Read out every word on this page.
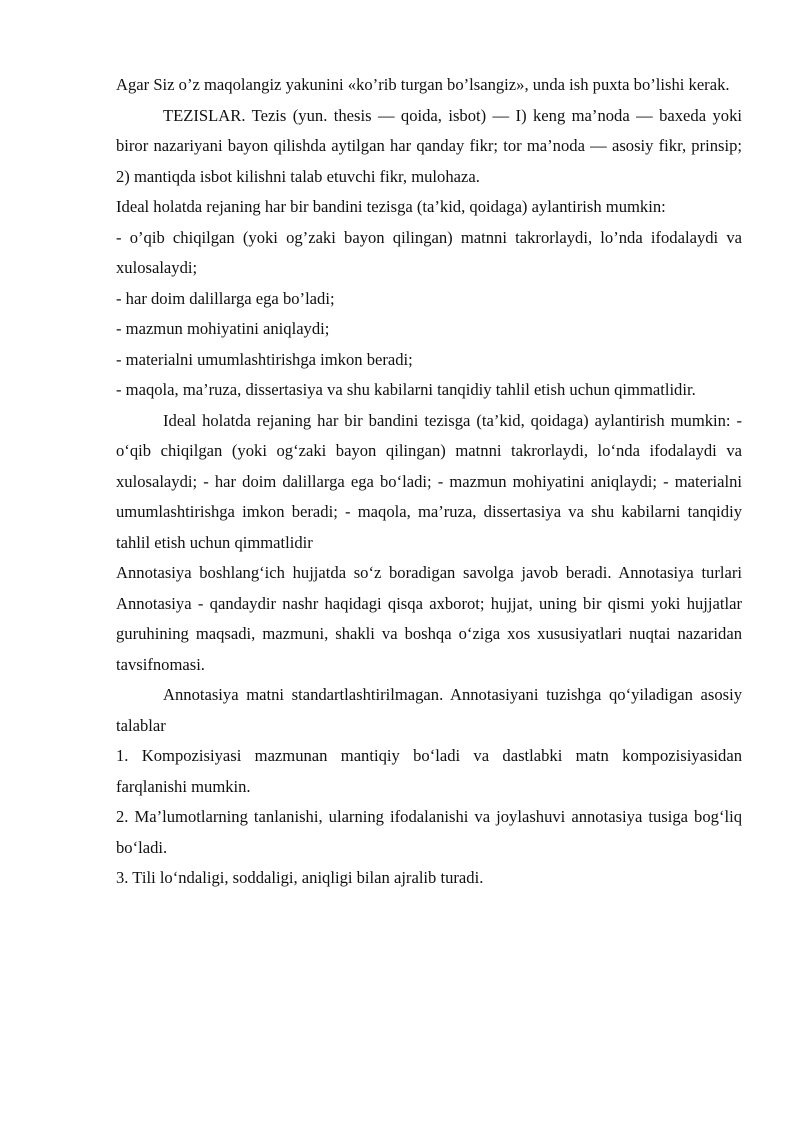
Agar Siz o’z maqolangiz yakunini «ko’rib turgan bo’lsangiz», unda ish puxta bo’lishi kerak.

TEZISLAR. Tezis (yun. thesis — qoida, isbot) — I) keng ma’noda — baxeda yoki biror nazariyani bayon qilishda aytilgan har qanday fikr; tor ma’noda — asosiy fikr, prinsip; 2) mantiqda isbot kilishni talab etuvchi fikr, mulohaza.

Ideal holatda rejaning har bir bandini tezisga (ta’kid, qoidaga) aylantirish mumkin:

- o’qib chiqilgan (yoki og’zaki bayon qilingan) matnni takrorlaydi, lo’nda ifodalaydi va xulosalaydi;

- har doim dalillarga ega bo’ladi;

- mazmun mohiyatini aniqlaydi;

- materialni umumlashtirishga imkon beradi;

- maqola, ma’ruza, dissertasiya va shu kabilarni tanqidiy tahlil etish uchun qimmatlidir.

Ideal holatda rejaning har bir bandini tezisga (ta’kid, qoidaga) aylantirish mumkin: - o‘qib chiqilgan (yoki og‘zaki bayon qilingan) matnni takrorlaydi, lo‘nda ifodalaydi va xulosalaydi; - har doim dalillarga ega bo‘ladi; - mazmun mohiyatini aniqlaydi; - materialni umumlashtirishga imkon beradi; - maqola, ma’ruza, dissertasiya va shu kabilarni tanqidiy tahlil etish uchun qimmatlidir

Annotasiya boshlang‘ich hujjatda so‘z boradigan savolga javob beradi. Annotasiya turlari Annotasiya - qandaydir nashr haqidagi qisqa axborot; hujjat, uning bir qismi yoki hujjatlar guruhining maqsadi, mazmuni, shakli va boshqa o‘ziga xos xususiyatlari nuqtai nazaridan tavsifnomasi.

Annotasiya matni standartlashtirilmagan. Annotasiyani tuzishga qo‘yiladigan asosiy talablar

1. Kompozisiyasi mazmunan mantiqiy bo‘ladi va dastlabki matn kompozisiyasidan farqlanishi mumkin.

2. Ma’lumotlarning tanlanishi, ularning ifodalanishi va joylashuvi annotasiya tusiga bog‘liq bo‘ladi.

3. Tili lo‘ndaligi, soddaligi, aniqligi bilan ajralib turadi.
